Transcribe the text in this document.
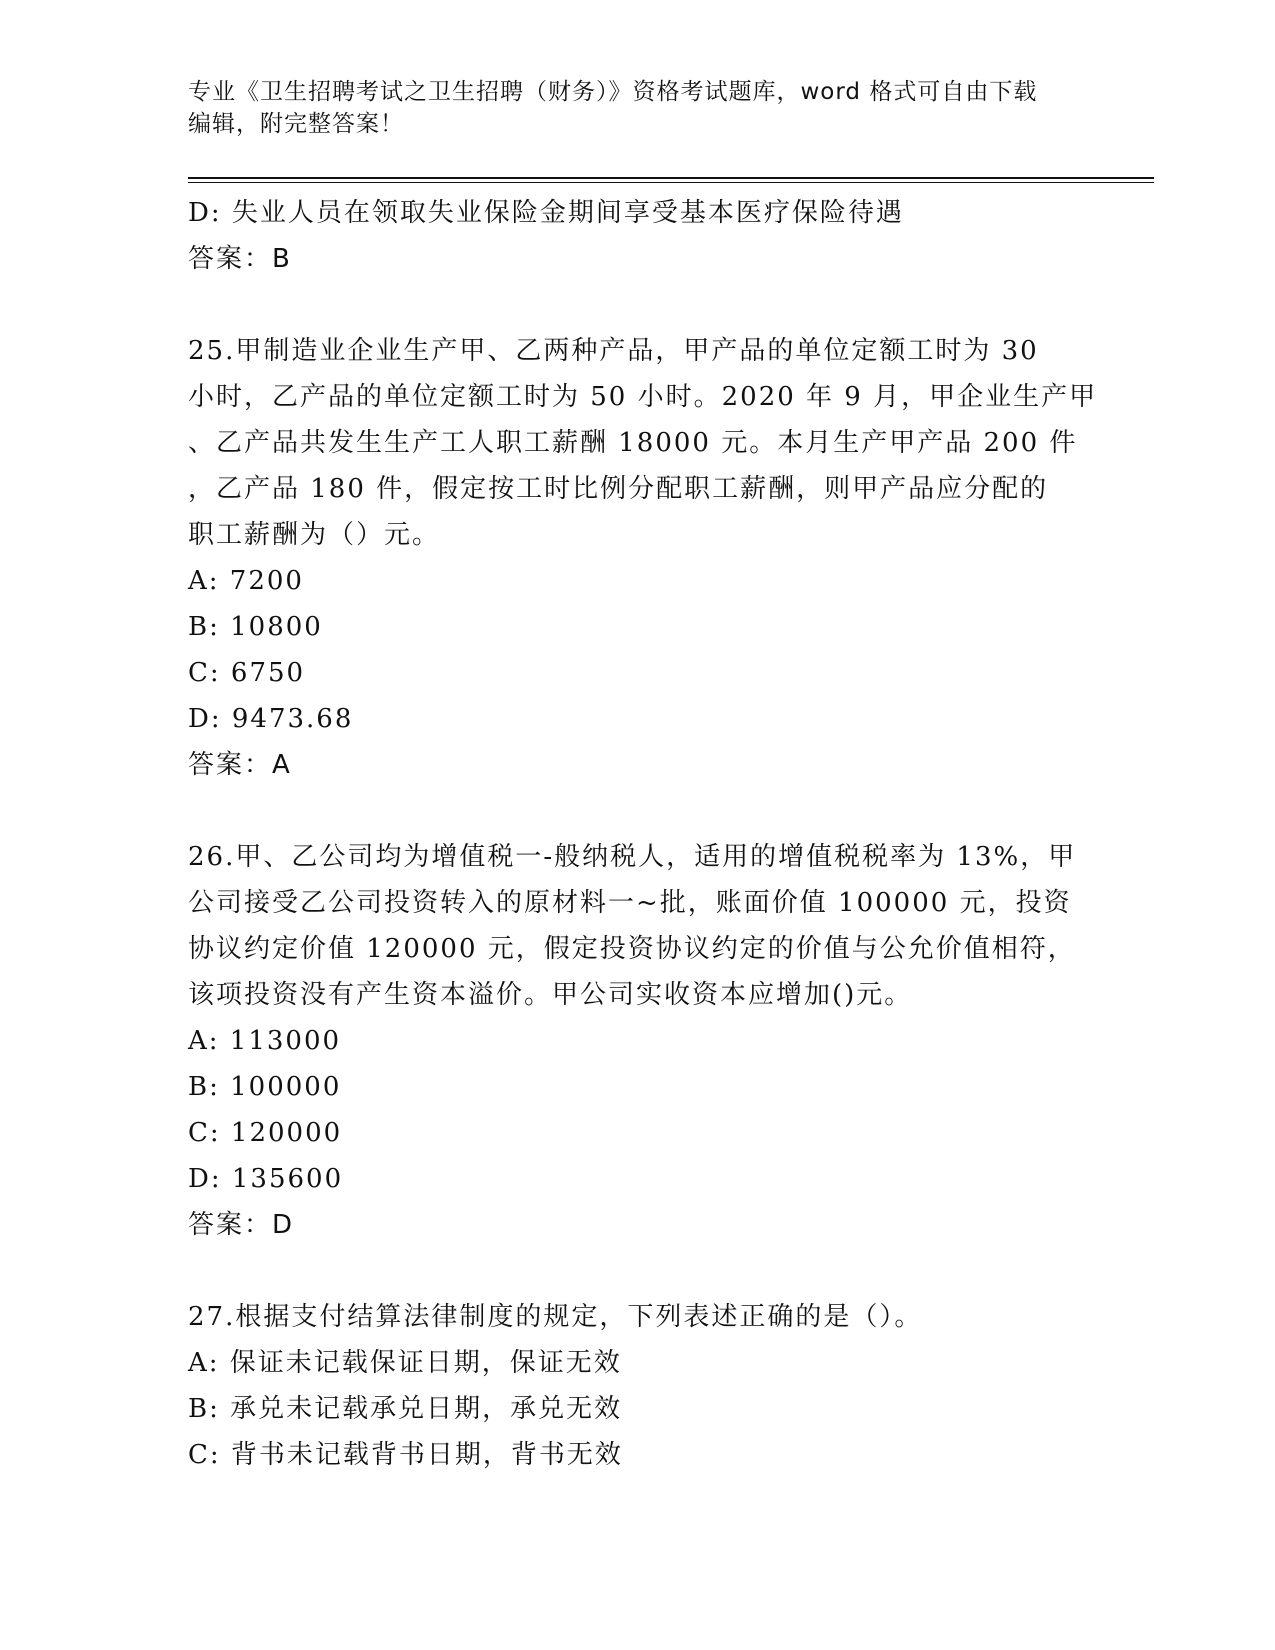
专业《卫生招聘考试之卫生招聘（财务）》资格考试题库，word 格式可自由下载
编辑，附完整答案！
D: 失业人员在领取失业保险金期间享受基本医疗保险待遇
答案：B
25.甲制造业企业生产甲、乙两种产品，甲产品的单位定额工时为 30
小时，乙产品的单位定额工时为 50 小时。2020 年 9 月，甲企业生产甲
、乙产品共发生生产工人职工薪酬 18000 元。本月生产甲产品 200 件
，乙产品 180 件，假定按工时比例分配职工薪酬，则甲产品应分配的
职工薪酬为（）元。
A: 7200
B: 10800
C: 6750
D: 9473.68
答案：A
26.甲、乙公司均为增值税一-般纳税人，适用的增值税税率为 13%，甲
公司接受乙公司投资转入的原材料一~批，账面价值 100000 元，投资
协议约定价值 120000 元，假定投资协议约定的价值与公允价值相符，
该项投资没有产生资本溢价。甲公司实收资本应增加()元。
A: 113000
B: 100000
C: 120000
D: 135600
答案：D
27.根据支付结算法律制度的规定，下列表述正确的是（）。
A: 保证未记载保证日期，保证无效
B: 承兑未记载承兑日期，承兑无效
C: 背书未记载背书日期，背书无效
